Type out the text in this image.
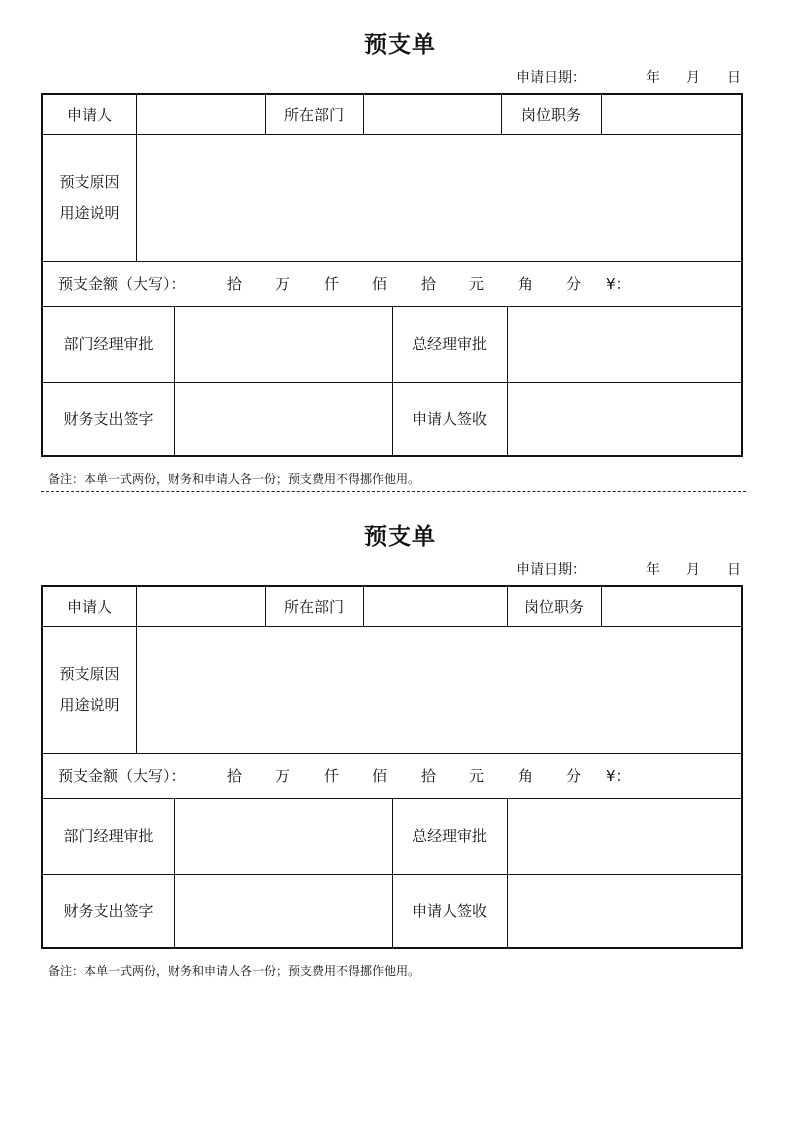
预支单
申请日期：	年 月 日
申请人	所在部门	岗位职务
预支原因
用途说明
预支金额（大写）：	拾 万 仟 佰 拾 元 角 分 ¥：
部门经理审批	总经理审批
财务支出签字	申请人签收
备注：本单一式两份，财务和申请人各一份；预支费用不得挪作他用。
预支单
申请日期：	年 月 日
申请人	所在部门	岗位职务
预支原因
用途说明
预支金额（大写）：	拾 万 仟 佰 拾 元 角 分 ¥：
部门经理审批	总经理审批
财务支出签字	申请人签收
备注：本单一式两份，财务和申请人各一份；预支费用不得挪作他用。
